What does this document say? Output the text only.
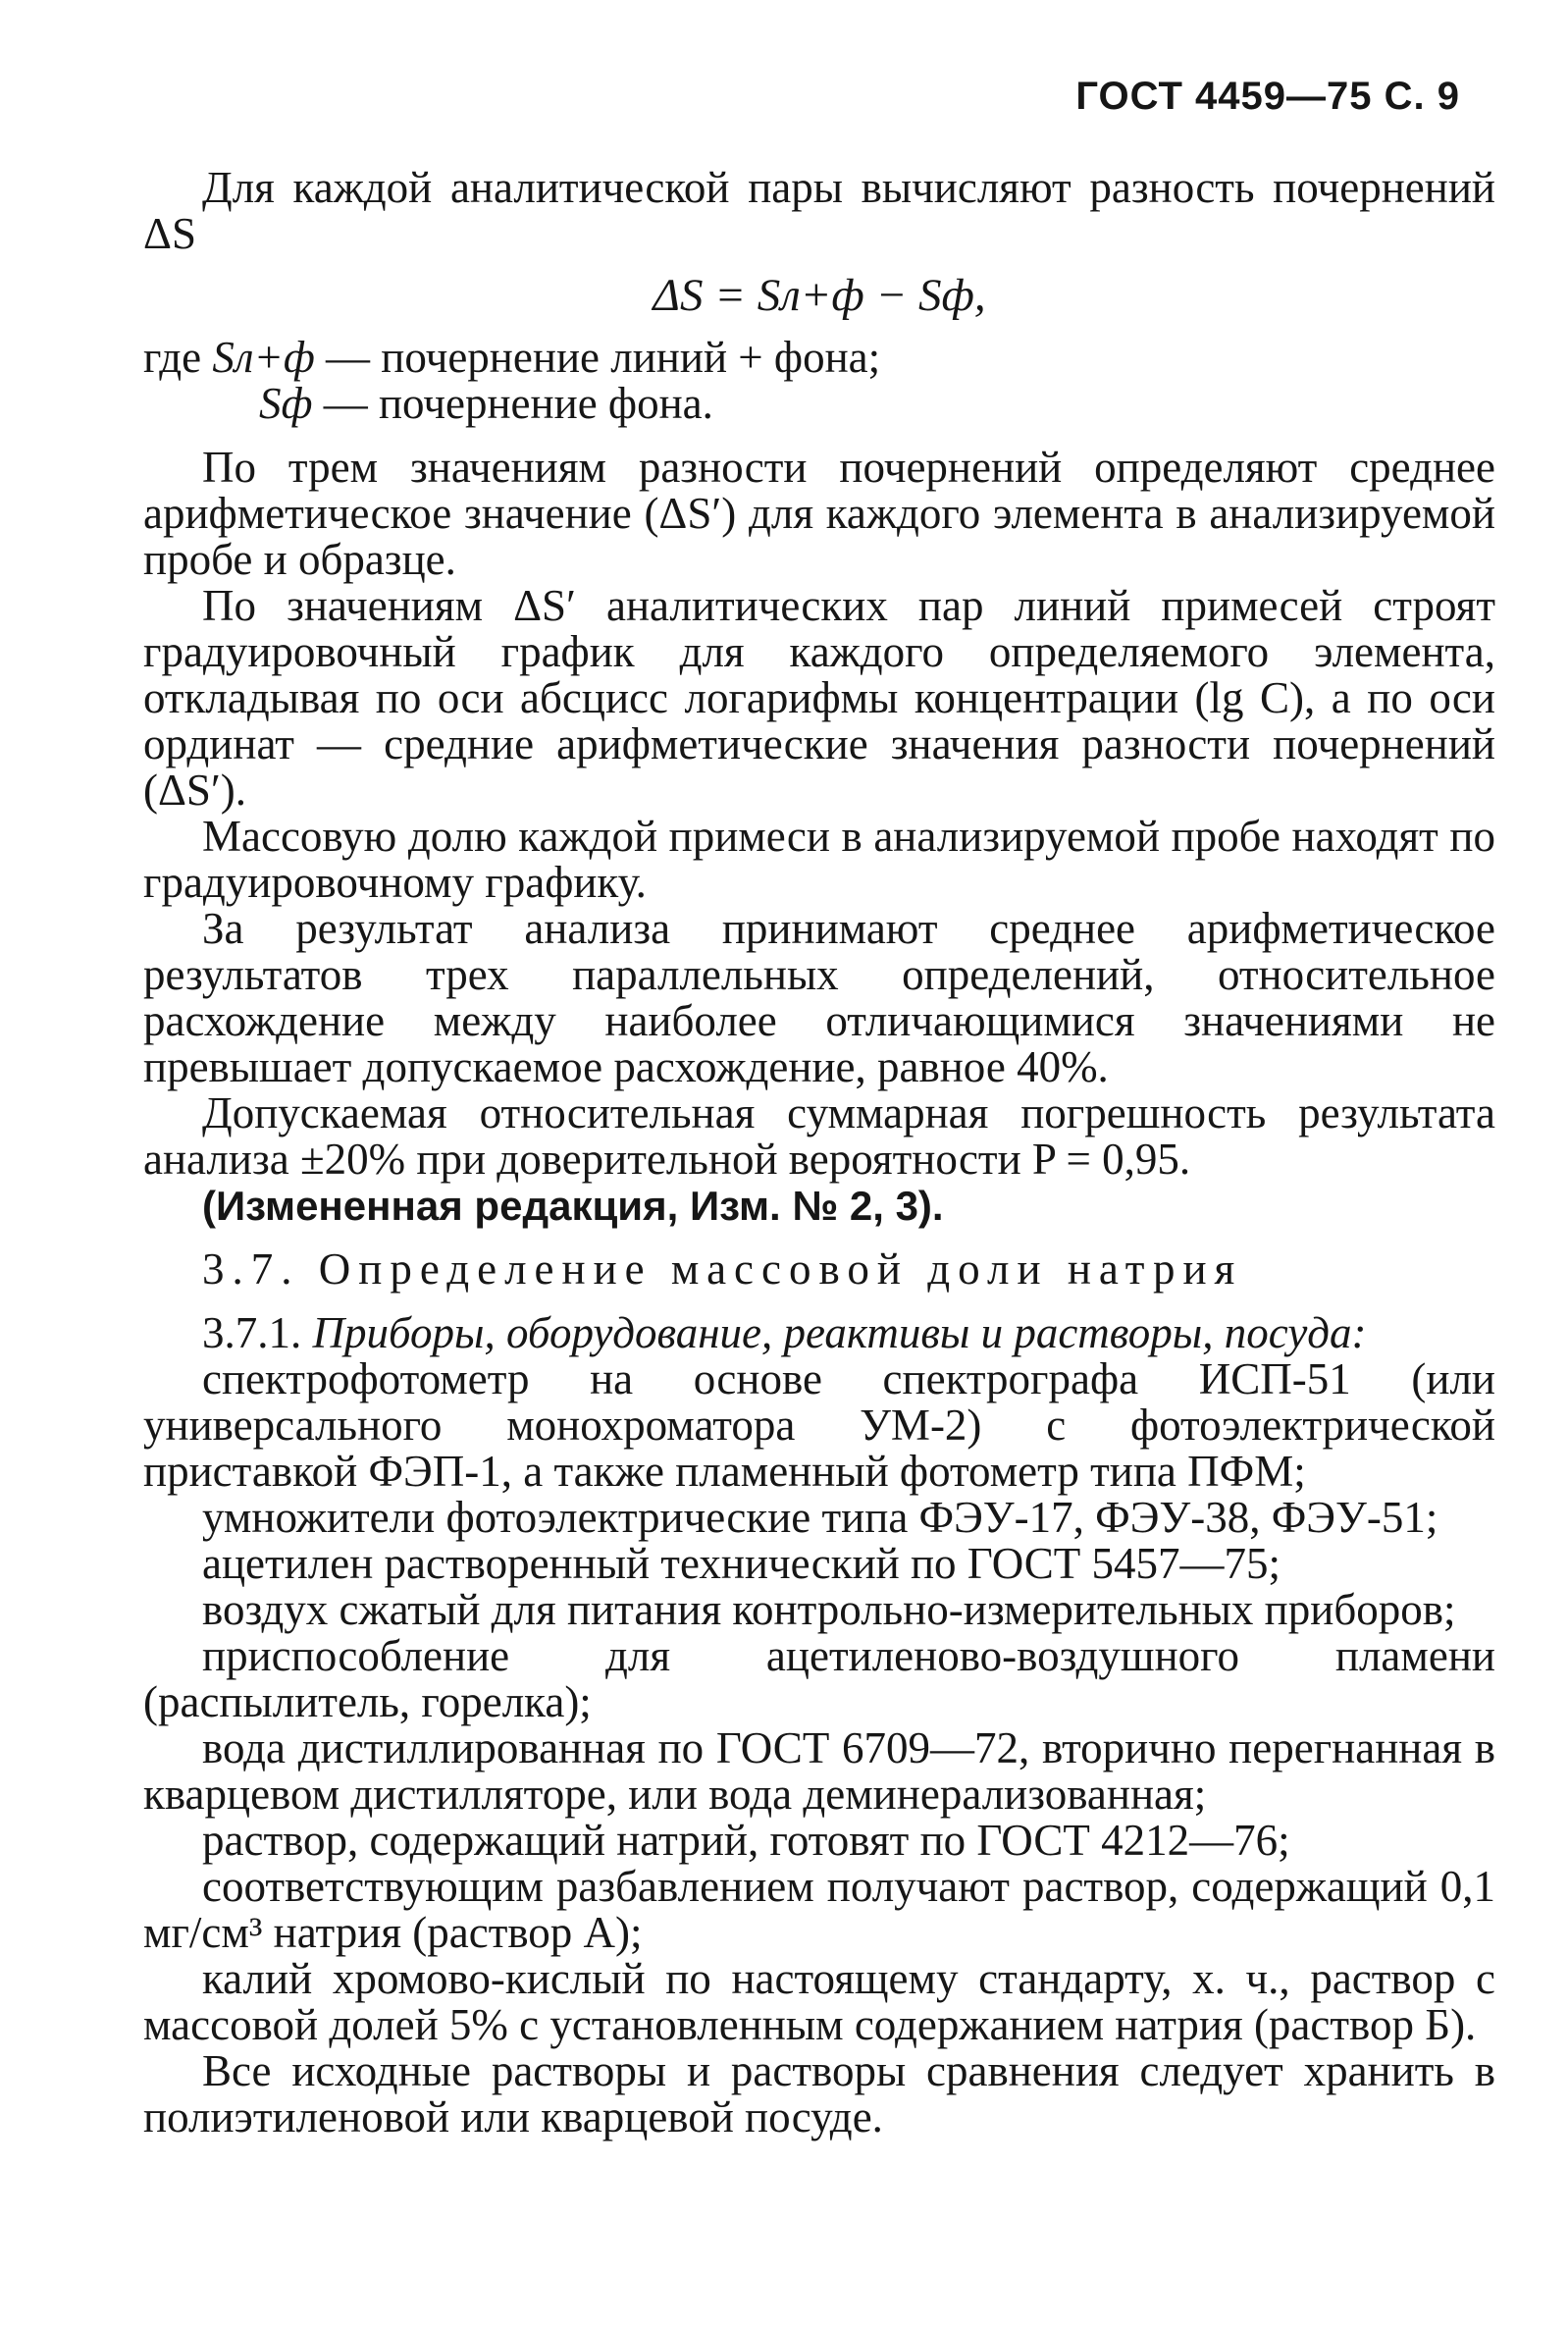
ГОСТ 4459—75 С. 9

Для каждой аналитической пары вычисляют разность почернений ΔS

ΔS = Sл+ф − Sф,
где
Sл+ф
— почернение линий + фона;
Sф
— почернение фона.

По трем значениям разности почернений определяют среднее арифметическое значение (ΔS′) для каждого элемента в анализируемой пробе и образце.

По значениям ΔS′ аналитических пар линий примесей строят градуировочный график для каждого определяемого элемента, откладывая по оси абсцисс логарифмы концентрации (lg C), а по оси ординат — средние арифметические значения разности почернений (ΔS′).

Массовую долю каждой примеси в анализируемой пробе находят по градуировочному графику.

За результат анализа принимают среднее арифметическое результатов трех параллельных определений, относительное расхождение между наиболее отличающимися значениями не превышает допускаемое расхождение, равное 40%.

Допускаемая относительная суммарная погрешность результата анализа ±20% при доверительной вероятности P = 0,95.

(Измененная редакция, Изм. № 2, 3).

3.7. Определение массовой доли натрия

3.7.1. Приборы, оборудование, реактивы и растворы, посуда:

спектрофотометр на основе спектрографа ИСП-51 (или универсального монохроматора УМ-2) с фотоэлектрической приставкой ФЭП-1, а также пламенный фотометр типа ПФМ;

умножители фотоэлектрические типа ФЭУ-17, ФЭУ-38, ФЭУ-51;

ацетилен растворенный технический по ГОСТ 5457—75;

воздух сжатый для питания контрольно-измерительных приборов;

приспособление для ацетиленово-воздушного пламени (распылитель, горелка);

вода дистиллированная по ГОСТ 6709—72, вторично перегнанная в кварцевом дистилляторе, или вода деминерализованная;

раствор, содержащий натрий, готовят по ГОСТ 4212—76;

соответствующим разбавлением получают раствор, содержащий 0,1 мг/см³ натрия (раствор А);

калий хромово-кислый по настоящему стандарту, х. ч., раствор с массовой долей 5% с установленным содержанием натрия (раствор Б).

Все исходные растворы и растворы сравнения следует хранить в полиэтиленовой или кварцевой посуде.
